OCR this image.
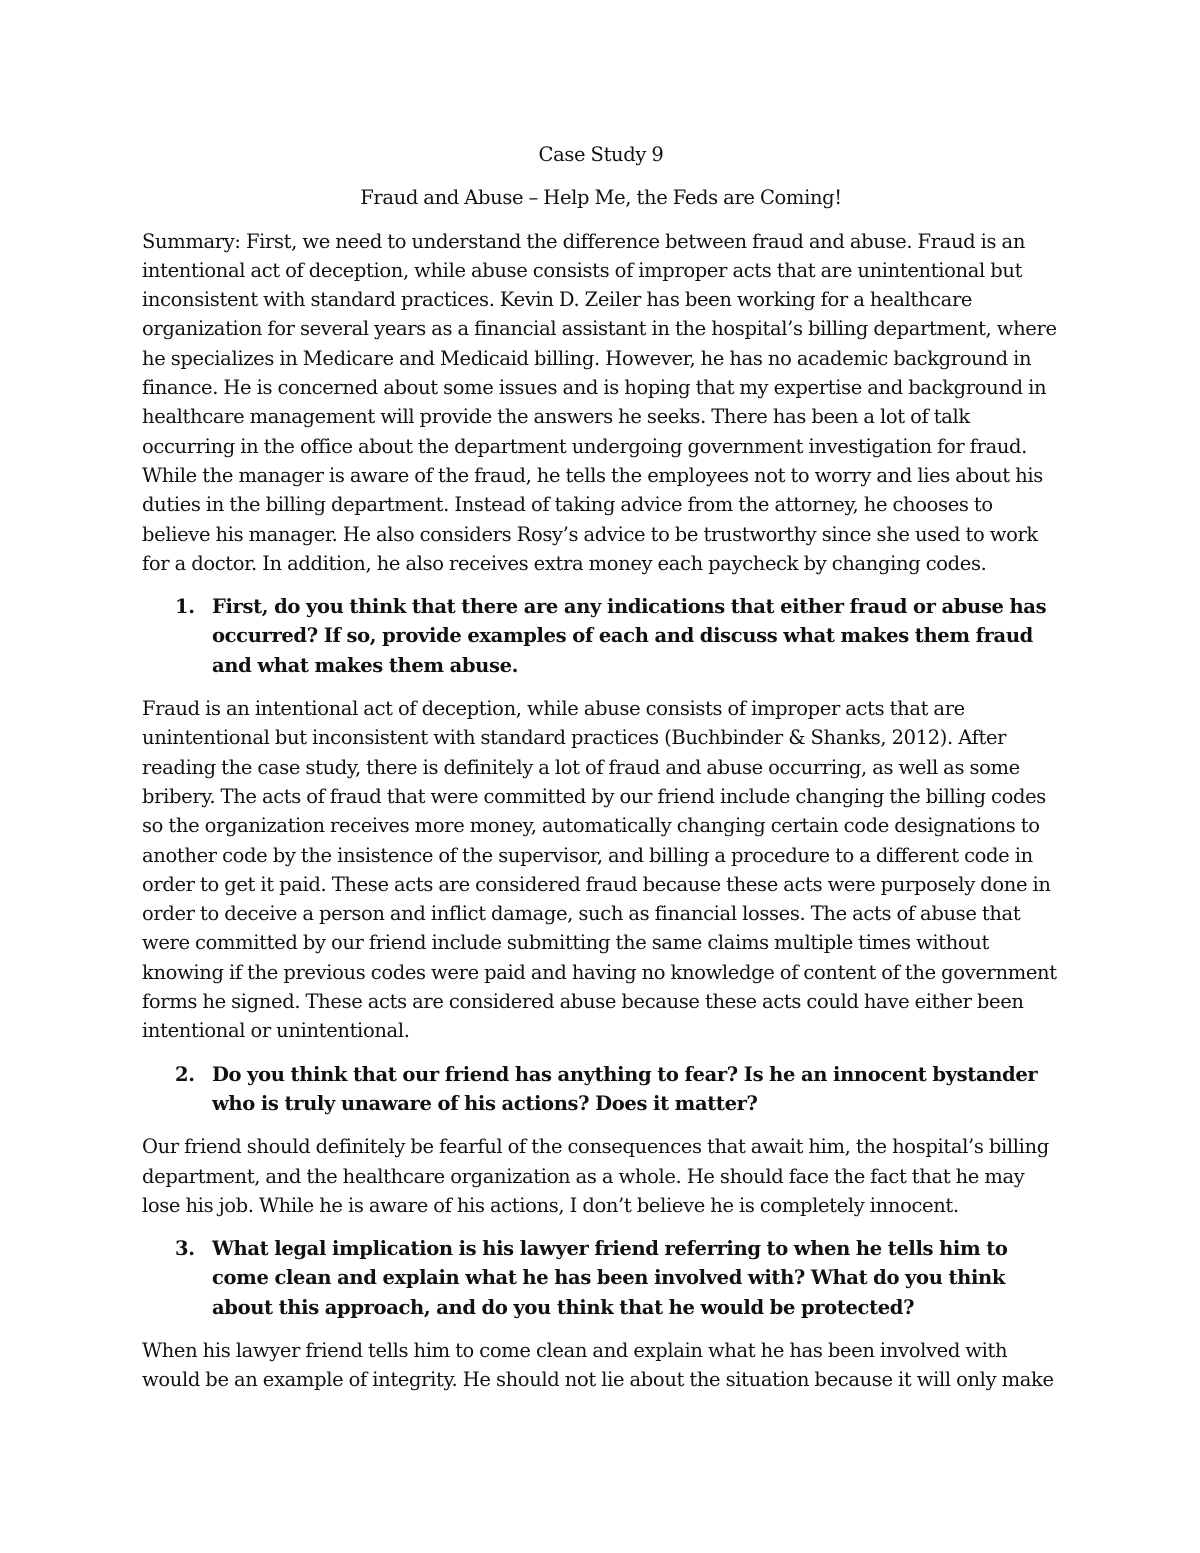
Case Study 9

Fraud and Abuse – Help Me, the Feds are Coming!

Summary: First, we need to understand the difference between fraud and abuse. Fraud is an intentional act of deception, while abuse consists of improper acts that are unintentional but inconsistent with standard practices. Kevin D. Zeiler has been working for a healthcare organization for several years as a financial assistant in the hospital’s billing department, where he specializes in Medicare and Medicaid billing. However, he has no academic background in finance. He is concerned about some issues and is hoping that my expertise and background in healthcare management will provide the answers he seeks. There has been a lot of talk occurring in the office about the department undergoing government investigation for fraud. While the manager is aware of the fraud, he tells the employees not to worry and lies about his duties in the billing department. Instead of taking advice from the attorney, he chooses to believe his manager. He also considers Rosy’s advice to be trustworthy since she used to work for a doctor. In addition, he also receives extra money each paycheck by changing codes.

1. First, do you think that there are any indications that either fraud or abuse has occurred? If so, provide examples of each and discuss what makes them fraud and what makes them abuse.

Fraud is an intentional act of deception, while abuse consists of improper acts that are unintentional but inconsistent with standard practices (Buchbinder & Shanks, 2012). After reading the case study, there is definitely a lot of fraud and abuse occurring, as well as some bribery. The acts of fraud that were committed by our friend include changing the billing codes so the organization receives more money, automatically changing certain code designations to another code by the insistence of the supervisor, and billing a procedure to a different code in order to get it paid. These acts are considered fraud because these acts were purposely done in order to deceive a person and inflict damage, such as financial losses. The acts of abuse that were committed by our friend include submitting the same claims multiple times without knowing if the previous codes were paid and having no knowledge of content of the government forms he signed. These acts are considered abuse because these acts could have either been intentional or unintentional.

2. Do you think that our friend has anything to fear? Is he an innocent bystander who is truly unaware of his actions? Does it matter?

Our friend should definitely be fearful of the consequences that await him, the hospital’s billing department, and the healthcare organization as a whole. He should face the fact that he may lose his job. While he is aware of his actions, I don’t believe he is completely innocent.

3. What legal implication is his lawyer friend referring to when he tells him to come clean and explain what he has been involved with? What do you think about this approach, and do you think that he would be protected?

When his lawyer friend tells him to come clean and explain what he has been involved with would be an example of integrity. He should not lie about the situation because it will only make
